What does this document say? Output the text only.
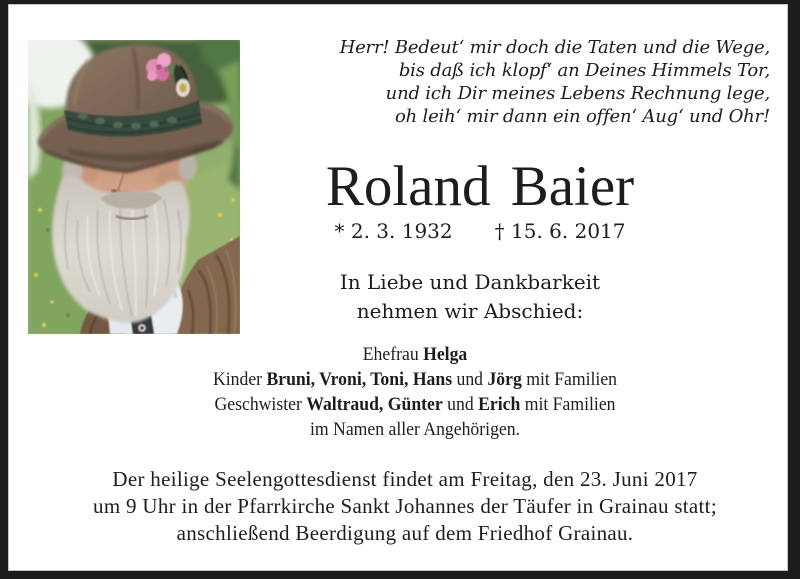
Herr! Bedeut‘ mir doch die Taten und die Wege,
bis daß ich klopf‘ an Deines Himmels Tor,
und ich Dir meines Lebens Rechnung lege,
oh leih‘ mir dann ein offen‘ Aug‘ und Ohr!
Roland Baier
* 2. 3. 1932 † 15. 6. 2017
In Liebe und Dankbarkeit
nehmen wir Abschied:
Ehefrau Helga
Kinder Bruni, Vroni, Toni, Hans und Jörg mit Familien
Geschwister Waltraud, Günter und Erich mit Familien
im Namen aller Angehörigen.
Der heilige Seelengottesdienst findet am Freitag, den 23. Juni 2017
um 9 Uhr in der Pfarrkirche Sankt Johannes der Täufer in Grainau statt;
anschließend Beerdigung auf dem Friedhof Grainau.
